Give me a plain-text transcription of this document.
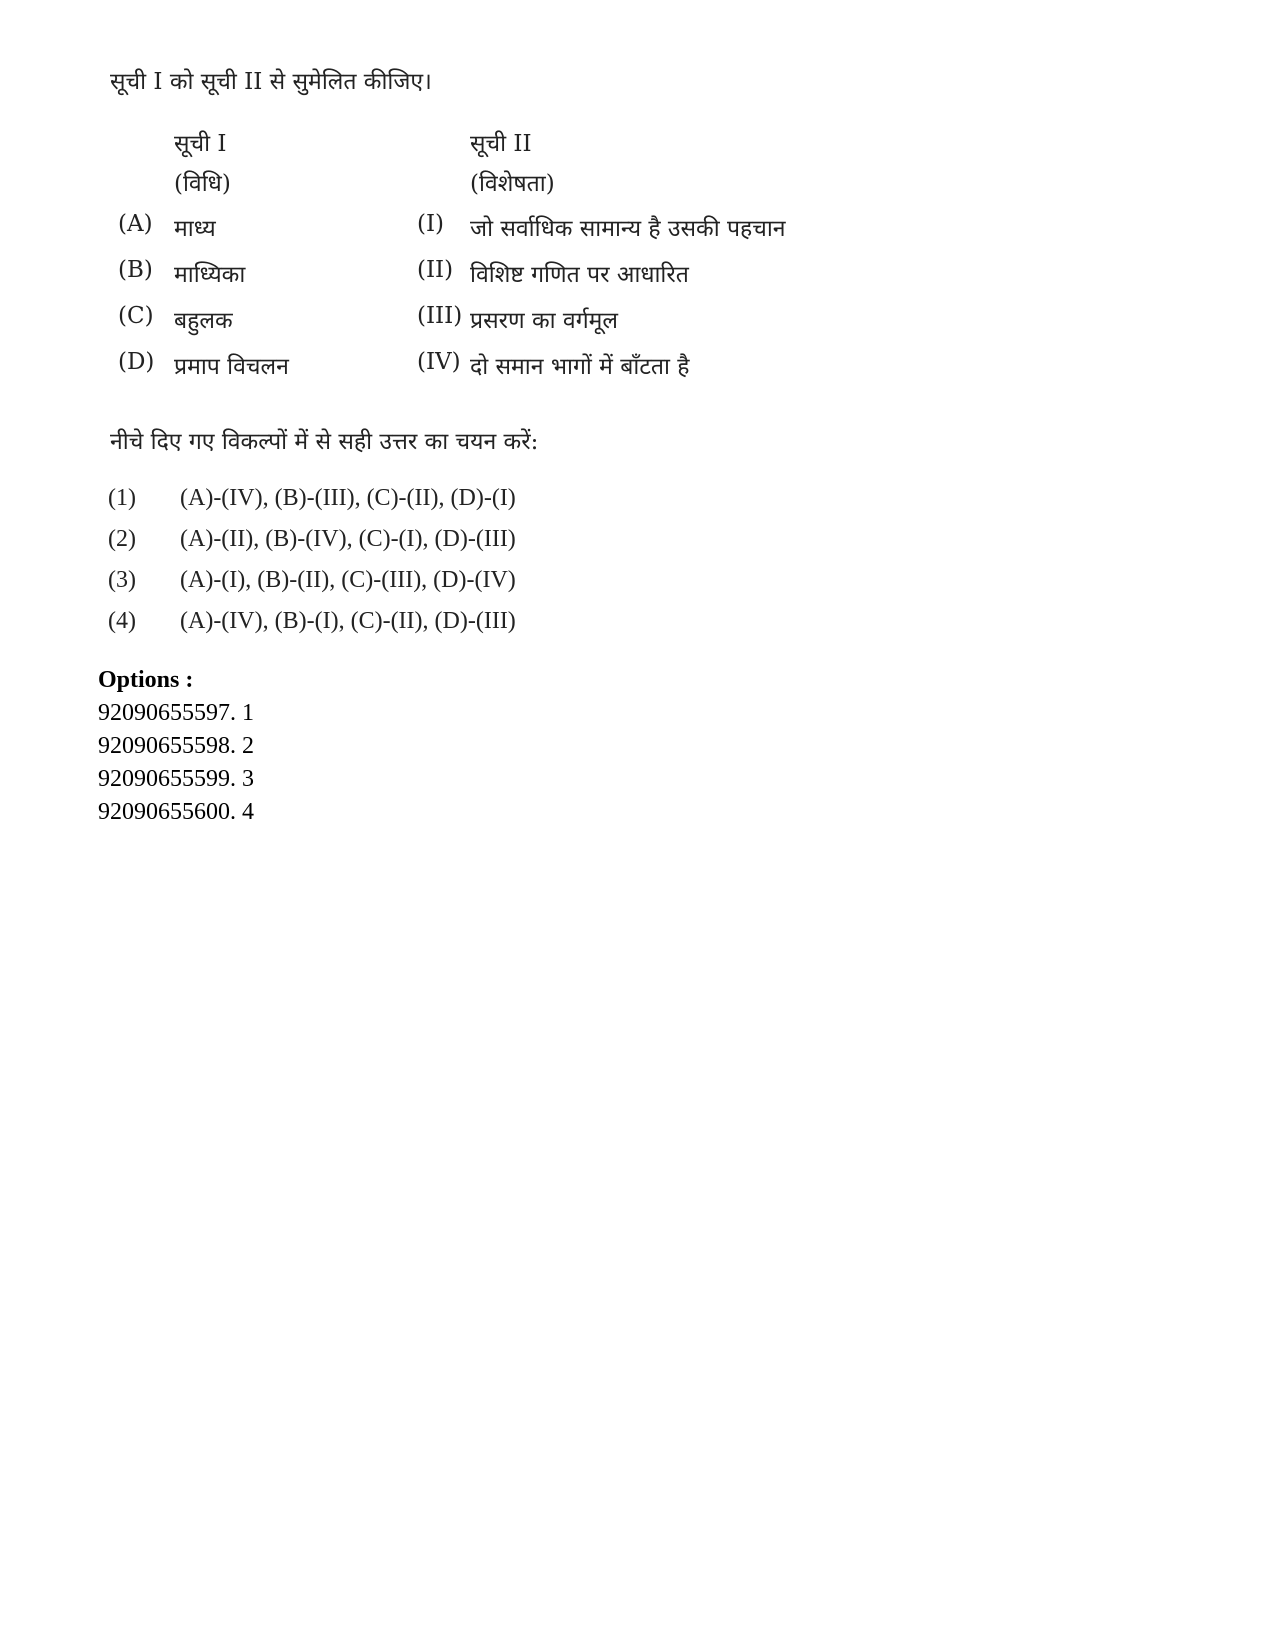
सूची I को सूची II से सुमेलित कीजिए।
सूची I
(विधि)
सूची II
(विशेषता)
(A) माध्य	(I) जो सर्वाधिक सामान्य है उसकी पहचान
(B) माध्यिका	(II) विशिष्ट गणित पर आधारित
(C) बहुलक	(III) प्रसरण का वर्गमूल
(D) प्रमाप विचलन	(IV) दो समान भागों में बाँटता है
नीचे दिए गए विकल्पों में से सही उत्तर का चयन करें:
(1) (A)-(IV), (B)-(III), (C)-(II), (D)-(I)
(2) (A)-(II), (B)-(IV), (C)-(I), (D)-(III)
(3) (A)-(I), (B)-(II), (C)-(III), (D)-(IV)
(4) (A)-(IV), (B)-(I), (C)-(II), (D)-(III)
Options :
92090655597. 1
92090655598. 2
92090655599. 3
92090655600. 4
